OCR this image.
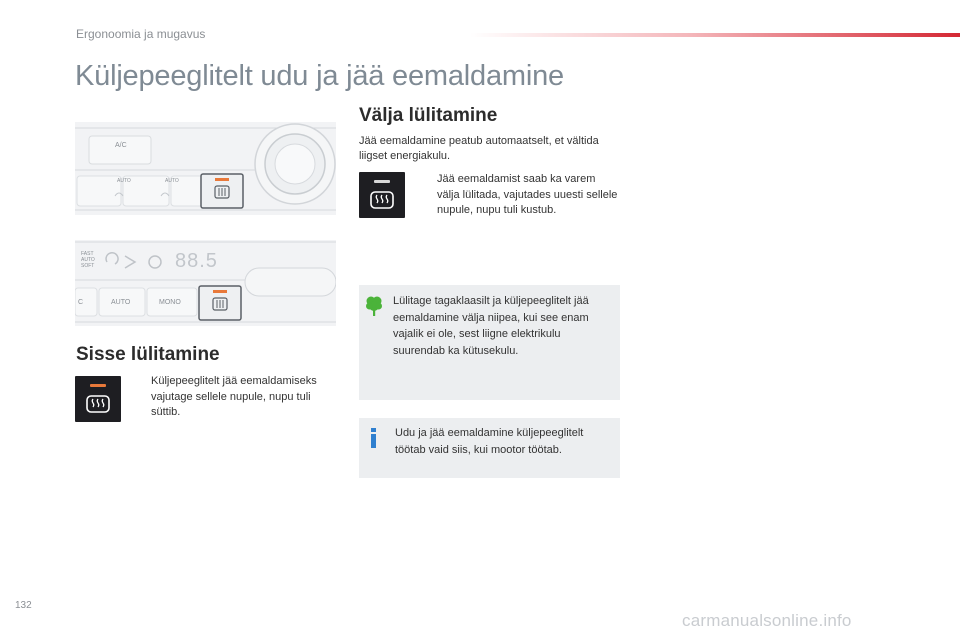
Ergonoomia ja mugavus
Küljepeeglitelt udu ja jää eemaldamine
A/C
AUTO	AUTO
FAST
AUTO
SOFT	88.5
AUTO	MONO
C
Sisse lülitamine
Küljepeeglitelt jää eemaldamiseks vajutage sellele nupule, nupu tuli süttib.
Välja lülitamine
Jää eemaldamine peatub automaatselt, et vältida liigset energiakulu.
Jää eemaldamist saab ka varem välja lülitada, vajutades uuesti sellele nupule, nupu tuli kustub.
Lülitage tagaklaasilt ja küljepeeglitelt jää eemaldamine välja niipea, kui see enam vajalik ei ole, sest liigne elektrikulu suurendab ka kütusekulu.
Udu ja jää eemaldamine küljepeeglitelt töötab vaid siis, kui mootor töötab.
132
carmanualsonline.info
